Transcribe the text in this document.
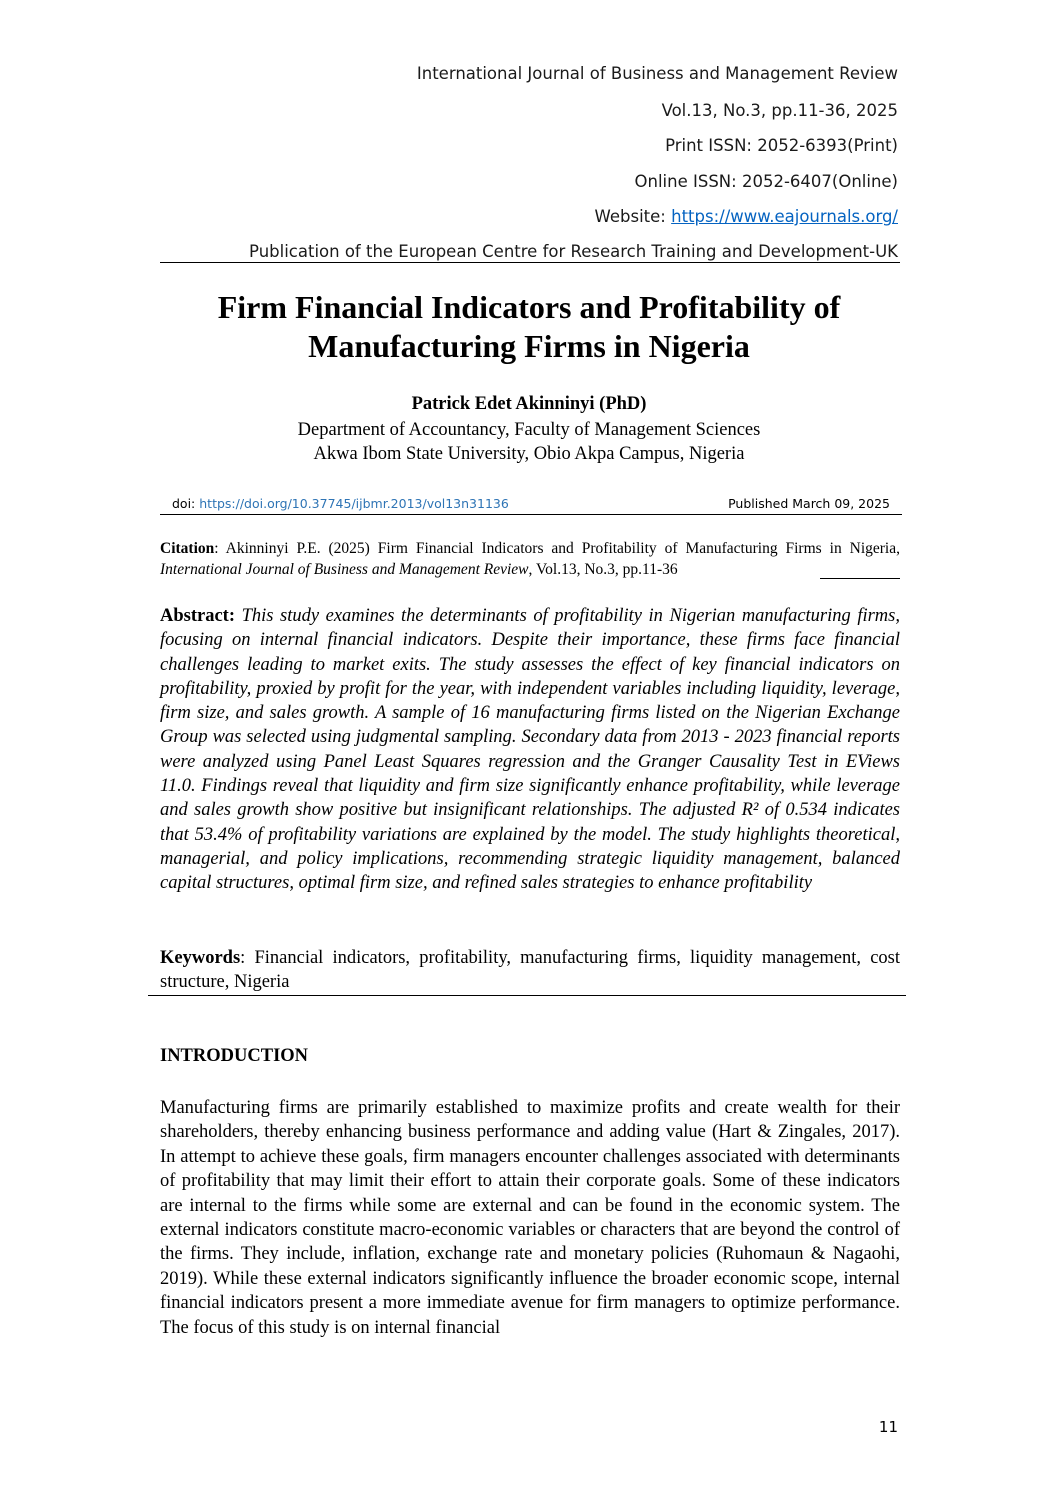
International Journal of Business and Management Review
Vol.13, No.3, pp.11-36, 2025
Print ISSN: 2052-6393(Print)
Online ISSN: 2052-6407(Online)
Website: https://www.eajournals.org/
Publication of the European Centre for Research Training and Development-UK
Firm Financial Indicators and Profitability of
Manufacturing Firms in Nigeria
Patrick Edet Akinninyi (PhD)
Department of Accountancy, Faculty of Management Sciences
Akwa Ibom State University, Obio Akpa Campus, Nigeria
doi: https://doi.org/10.37745/ijbmr.2013/vol13n31136	Published March 09, 2025
Citation: Akinninyi P.E. (2025) Firm Financial Indicators and Profitability of Manufacturing Firms in Nigeria, International Journal of Business and Management Review, Vol.13, No.3, pp.11-36
Abstract: This study examines the determinants of profitability in Nigerian manufacturing firms, focusing on internal financial indicators. Despite their importance, these firms face financial challenges leading to market exits. The study assesses the effect of key financial indicators on profitability, proxied by profit for the year, with independent variables including liquidity, leverage, firm size, and sales growth. A sample of 16 manufacturing firms listed on the Nigerian Exchange Group was selected using judgmental sampling. Secondary data from 2013 - 2023 financial reports were analyzed using Panel Least Squares regression and the Granger Causality Test in EViews 11.0. Findings reveal that liquidity and firm size significantly enhance profitability, while leverage and sales growth show positive but insignificant relationships. The adjusted R² of 0.534 indicates that 53.4% of profitability variations are explained by the model. The study highlights theoretical, managerial, and policy implications, recommending strategic liquidity management, balanced capital structures, optimal firm size, and refined sales strategies to enhance profitability
Keywords: Financial indicators, profitability, manufacturing firms, liquidity management, cost structure, Nigeria
INTRODUCTION
Manufacturing firms are primarily established to maximize profits and create wealth for their shareholders, thereby enhancing business performance and adding value (Hart & Zingales, 2017). In attempt to achieve these goals, firm managers encounter challenges associated with determinants of profitability that may limit their effort to attain their corporate goals. Some of these indicators are internal to the firms while some are external and can be found in the economic system. The external indicators constitute macro-economic variables or characters that are beyond the control of the firms. They include, inflation, exchange rate and monetary policies (Ruhomaun & Nagaohi, 2019). While these external indicators significantly influence the broader economic scope, internal financial indicators present a more immediate avenue for firm managers to optimize performance. The focus of this study is on internal financial
11
